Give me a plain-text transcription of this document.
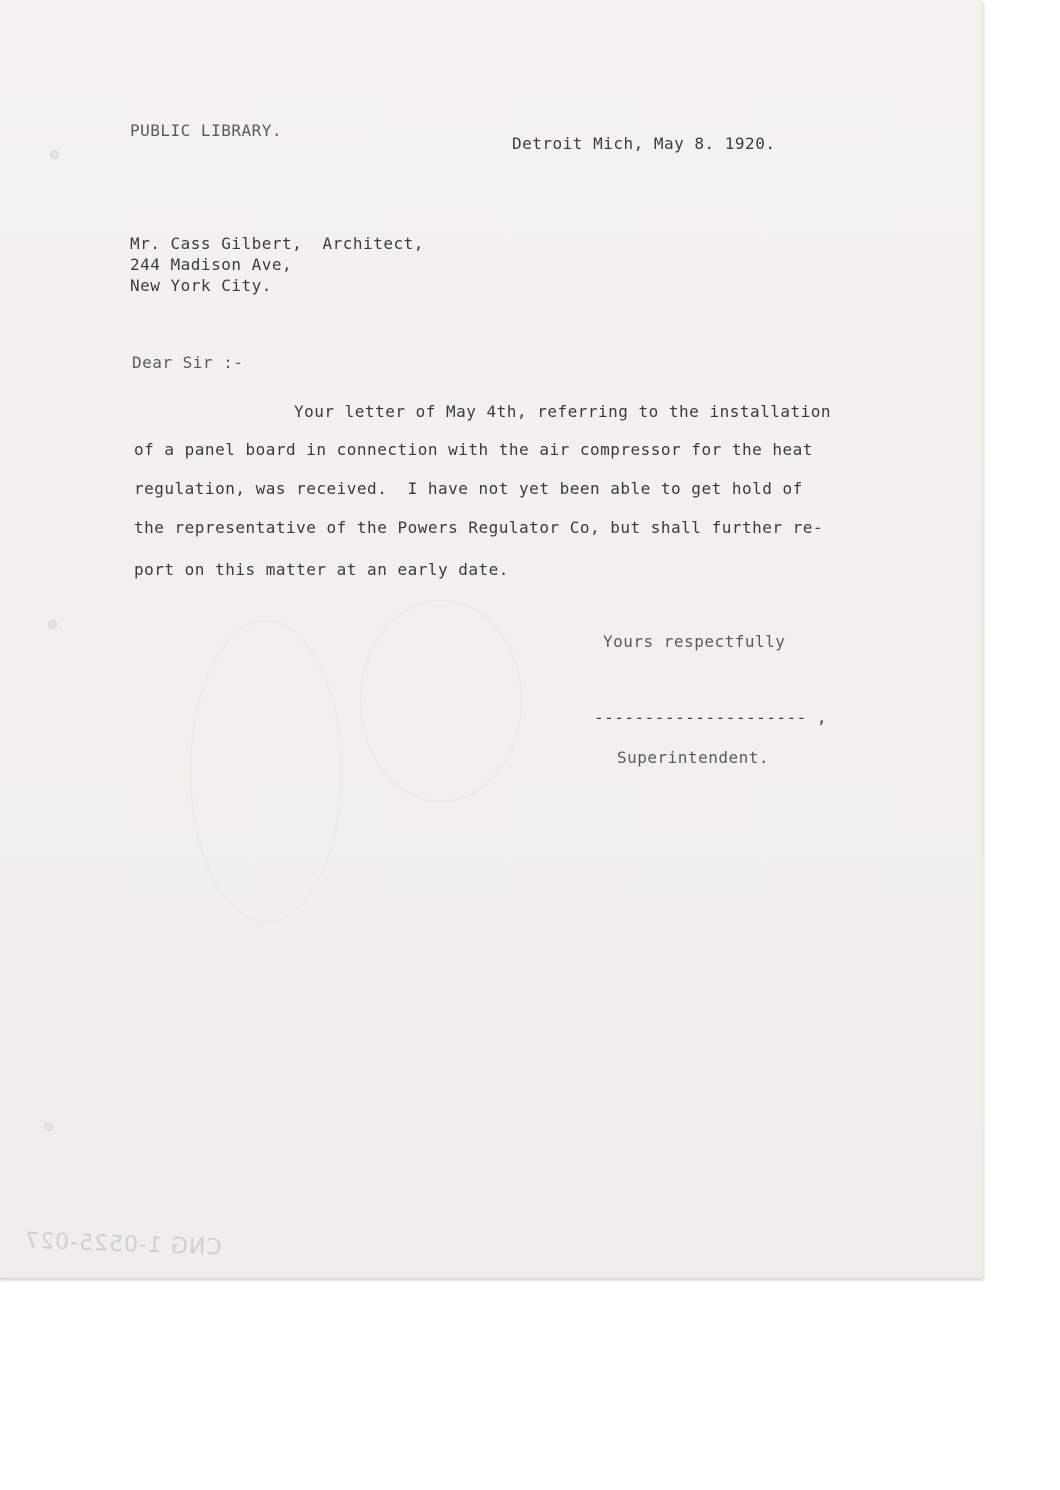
PUBLIC LIBRARY.
Detroit Mich, May 8. 1920.
Mr. Cass Gilbert,  Architect,
244 Madison Ave,
New York City.
Dear Sir :-
Your letter of May 4th, referring to the installation
of a panel board in connection with the air compressor for the heat
regulation, was received.  I have not yet been able to get hold of
the representative of the Powers Regulator Co, but shall further re-
port on this matter at an early date.
Yours respectfully
--------------------- ,
Superintendent.
CNG 1-0525-027
